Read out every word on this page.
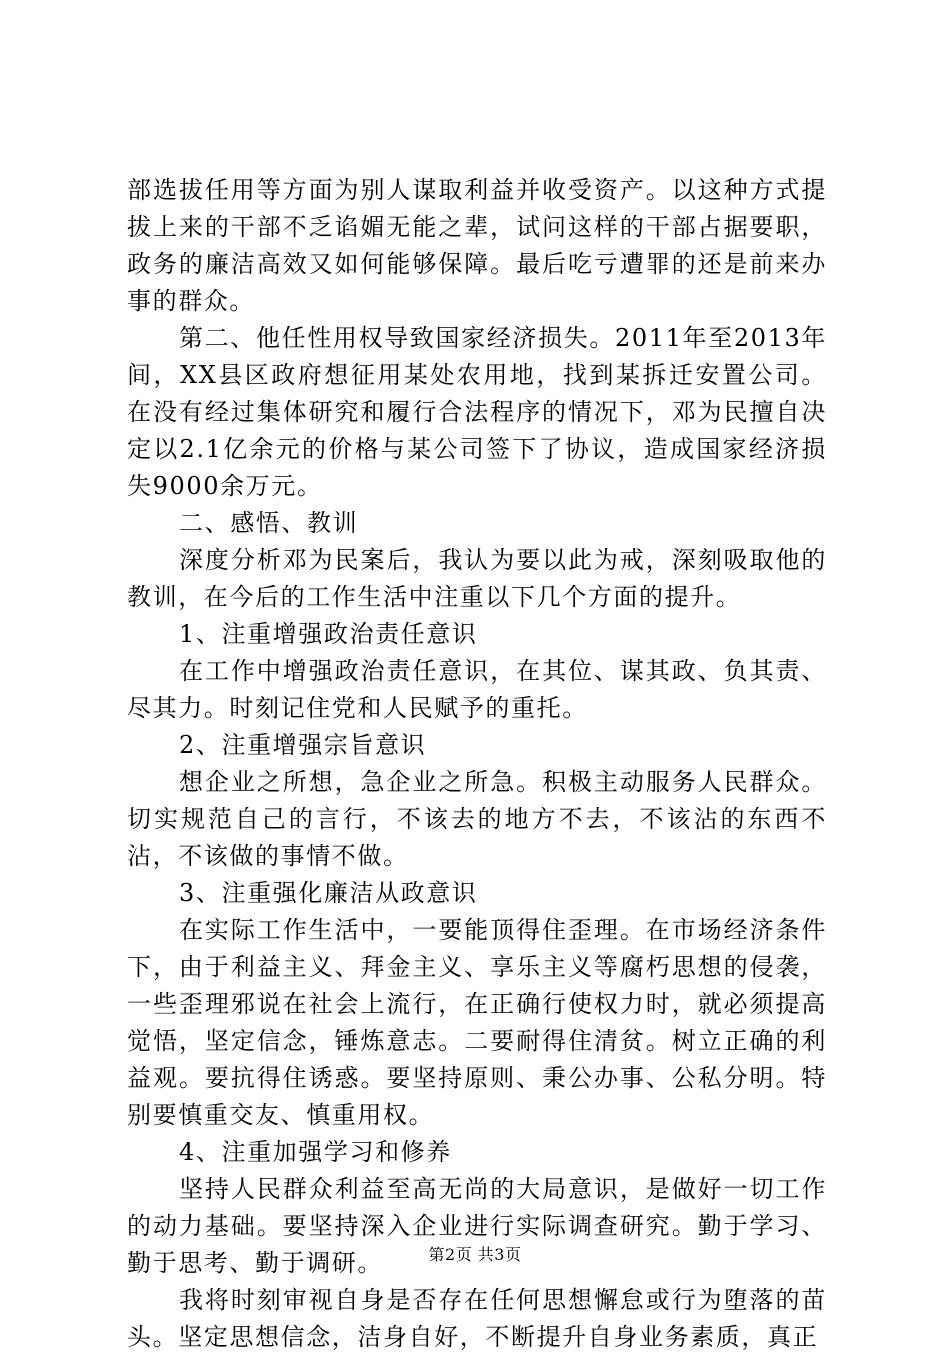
部选拔任用等方面为别人谋取利益并收受资产。以这种方式提拔上来的干部不乏谄媚无能之辈，试问这样的干部占据要职，政务的廉洁高效又如何能够保障。最后吃亏遭罪的还是前来办事的群众。

第二、他任性用权导致国家经济损失。2011年至2013年间，XX县区政府想征用某处农用地，找到某拆迁安置公司。在没有经过集体研究和履行合法程序的情况下，邓为民擅自决定以2.1亿余元的价格与某公司签下了协议，造成国家经济损失9000余万元。

二、感悟、教训

深度分析邓为民案后，我认为要以此为戒，深刻吸取他的教训，在今后的工作生活中注重以下几个方面的提升。

1、注重增强政治责任意识

在工作中增强政治责任意识，在其位、谋其政、负其责、尽其力。时刻记住党和人民赋予的重托。

2、注重增强宗旨意识

想企业之所想，急企业之所急。积极主动服务人民群众。切实规范自己的言行，不该去的地方不去，不该沾的东西不沾，不该做的事情不做。

3、注重强化廉洁从政意识

在实际工作生活中，一要能顶得住歪理。在市场经济条件下，由于利益主义、拜金主义、享乐主义等腐朽思想的侵袭，一些歪理邪说在社会上流行，在正确行使权力时，就必须提高觉悟，坚定信念，锤炼意志。二要耐得住清贫。树立正确的利益观。要抗得住诱惑。要坚持原则、秉公办事、公私分明。特别要慎重交友、慎重用权。

4、注重加强学习和修养

坚持人民群众利益至高无尚的大局意识，是做好一切工作的动力基础。要坚持深入企业进行实际调查研究。勤于学习、勤于思考、勤于调研。

我将时刻审视自身是否存在任何思想懈怠或行为堕落的苗头。坚定思想信念，洁身自好，不断提升自身业务素质，真正

第2页 共3页
